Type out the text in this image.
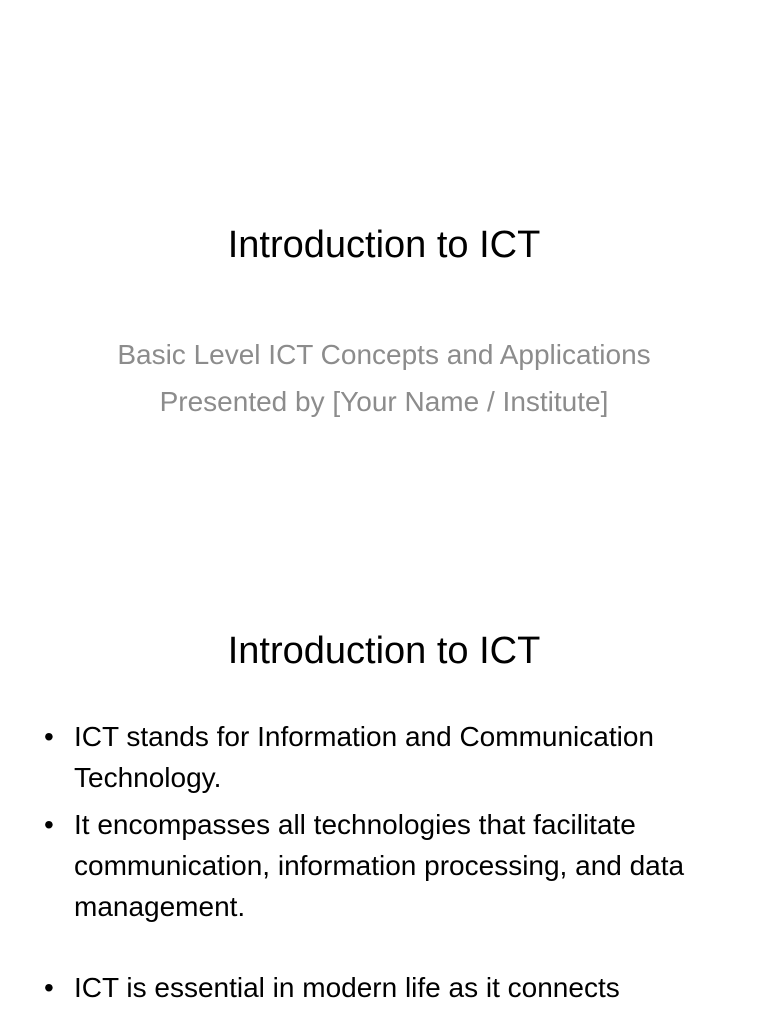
Introduction to ICT
Basic Level ICT Concepts and Applications
Presented by [Your Name / Institute]
Introduction to ICT
• ICT stands for Information and Communication Technology.
• It encompasses all technologies that facilitate communication, information processing, and data management.
• ICT is essential in modern life as it connects
